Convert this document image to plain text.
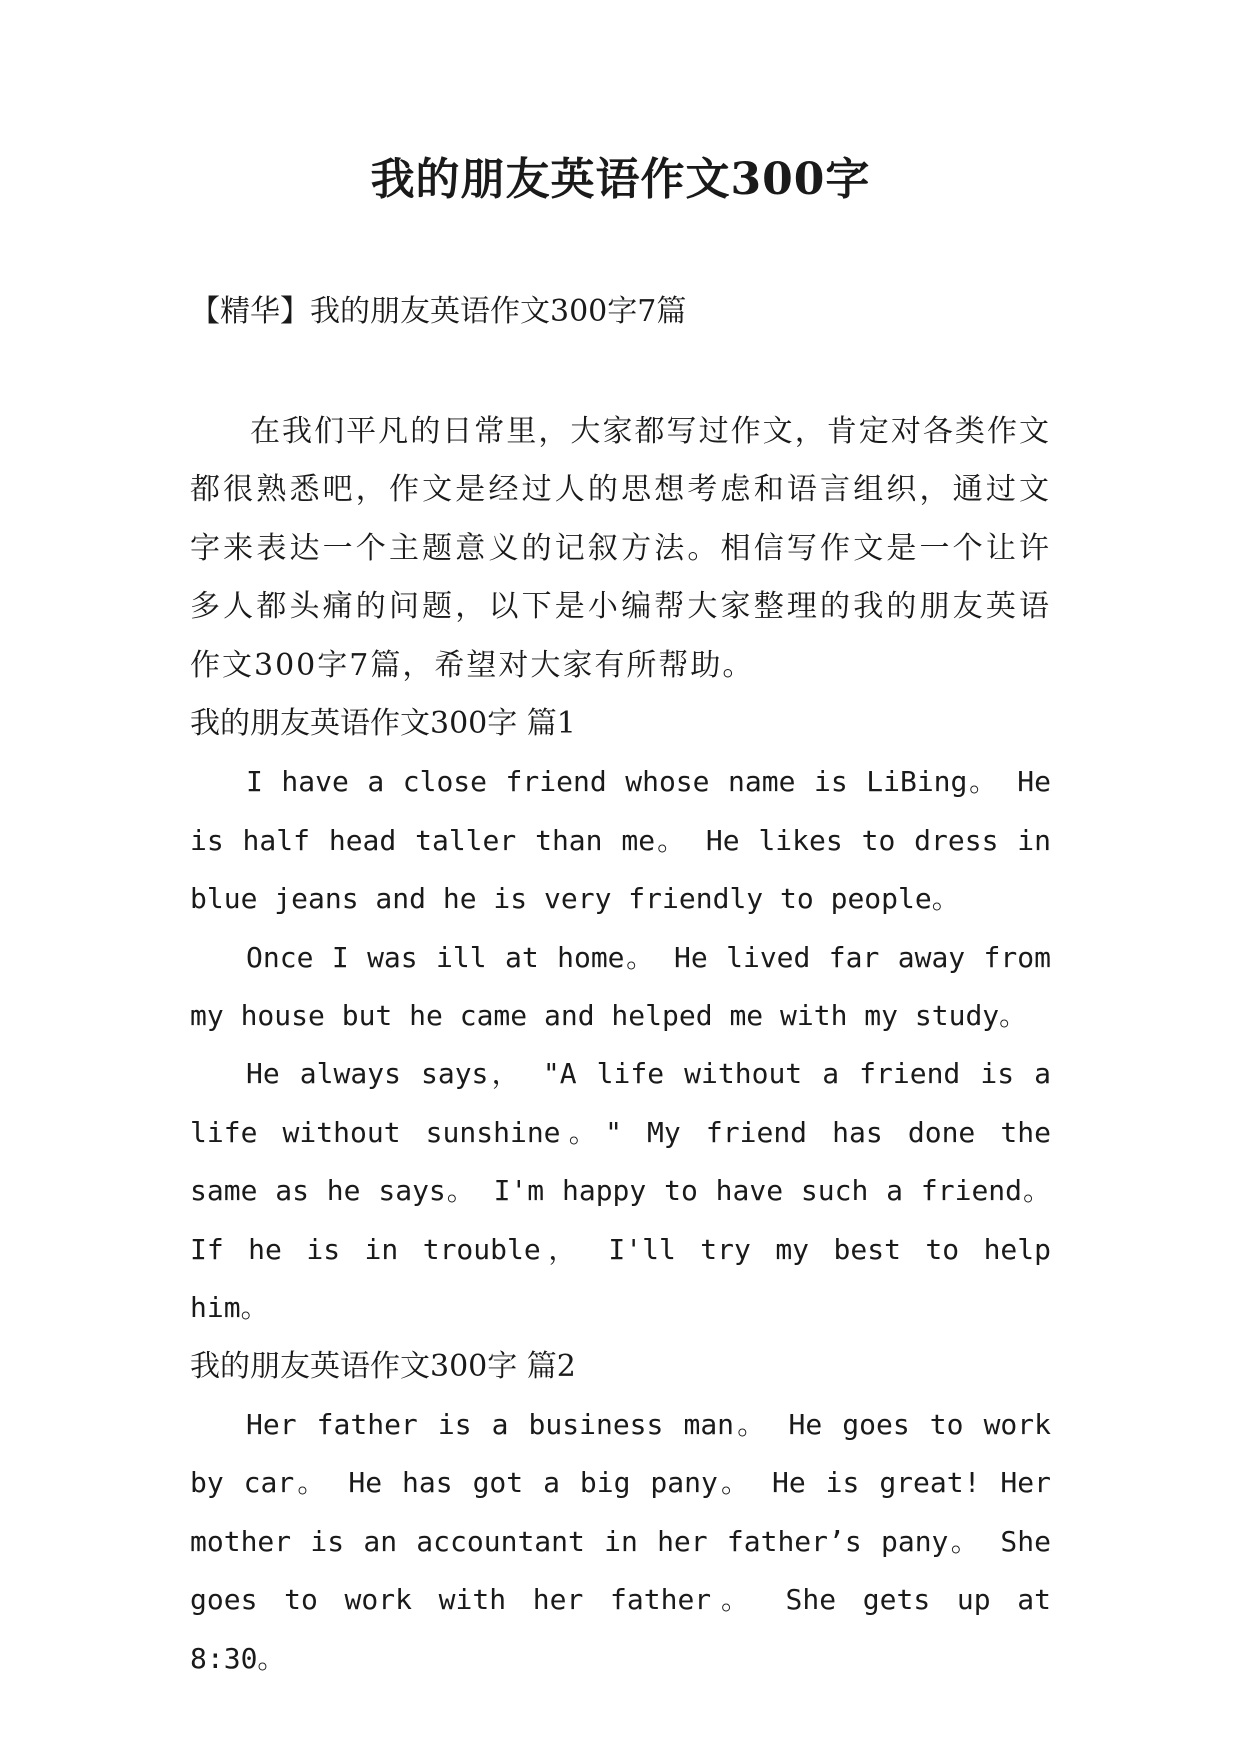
我的朋友英语作文300字
【精华】我的朋友英语作文300字7篇

在我们平凡的日常里，大家都写过作文，肯定对各类作文都很熟悉吧，作文是经过人的思想考虑和语言组织，通过文字来表达一个主题意义的记叙方法。相信写作文是一个让许多人都头痛的问题，以下是小编帮大家整理的我的朋友英语作文300字7篇，希望对大家有所帮助。

我的朋友英语作文300字 篇1

I have a close friend whose name is LiBing。 He is half head taller than me。 He likes to dress in blue jeans and he is very friendly to people。

Once I was ill at home。 He lived far away from my house but he came and helped me with my study。

He always says， "A life without a friend is a life without sunshine。" My friend has done the same as he says。 I'm happy to have such a friend。 If he is in trouble， I'll try my best to help him。

我的朋友英语作文300字 篇2

Her father is a business man。 He goes to work by car。 He has got a big pany。 He is great! Her mother is an accountant in her father’s pany。 She goes to work with her father。 She gets up at 8:30。
